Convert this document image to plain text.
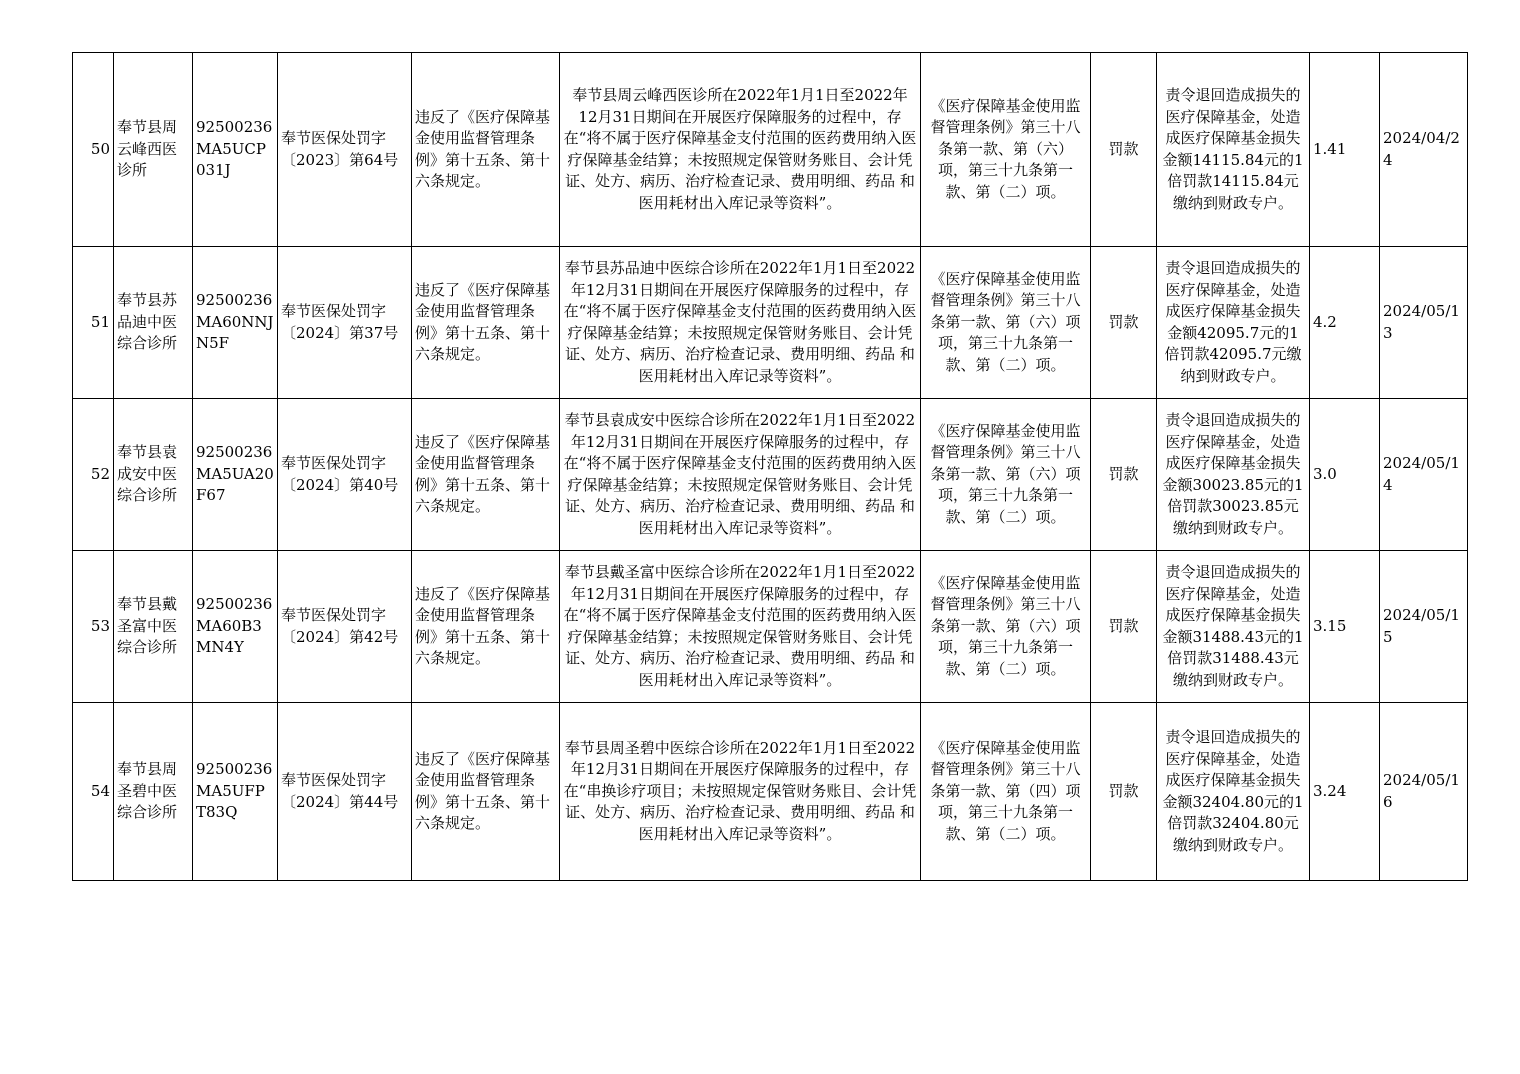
50	奉节县周云峰西医诊所	92500236MA5UCP031J	奉节医保处罚字〔2023〕第64号	违反了《医疗保障基金使用监督管理条例》第十五条、第十六条规定。	奉节县周云峰西医诊所在2022年1月1日至2022年12月31日期间在开展医疗保障服务的过程中，存在“将不属于医疗保障基金支付范围的医药费用纳入医疗保障基金结算；未按照规定保管财务账目、会计凭证、处方、病历、治疗检查记录、费用明细、药品 和医用耗材出入库记录等资料”。	《医疗保障基金使用监督管理条例》第三十八条第一款、第（六）项，第三十九条第一款、第（二）项。	罚款	责令退回造成损失的医疗保障基金，处造成医疗保障基金损失金额14115.84元的1倍罚款14115.84元缴纳到财政专户。	1.41	2024/04/24
51	奉节县苏品迪中医综合诊所	92500236MA60NNJN5F	奉节医保处罚字〔2024〕第37号	违反了《医疗保障基金使用监督管理条例》第十五条、第十六条规定。	奉节县苏品迪中医综合诊所在2022年1月1日至2022年12月31日期间在开展医疗保障服务的过程中，存在“将不属于医疗保障基金支付范围的医药费用纳入医疗保障基金结算；未按照规定保管财务账目、会计凭证、处方、病历、治疗检查记录、费用明细、药品 和医用耗材出入库记录等资料”。	《医疗保障基金使用监督管理条例》第三十八条第一款、第（六）项项，第三十九条第一款、第（二）项。	罚款	责令退回造成损失的医疗保障基金，处造成医疗保障基金损失金额42095.7元的1倍罚款42095.7元缴纳到财政专户。	4.2	2024/05/13
52	奉节县袁成安中医综合诊所	92500236MA5UA20F67	奉节医保处罚字〔2024〕第40号	违反了《医疗保障基金使用监督管理条例》第十五条、第十六条规定。	奉节县袁成安中医综合诊所在2022年1月1日至2022年12月31日期间在开展医疗保障服务的过程中，存在“将不属于医疗保障基金支付范围的医药费用纳入医疗保障基金结算；未按照规定保管财务账目、会计凭证、处方、病历、治疗检查记录、费用明细、药品 和医用耗材出入库记录等资料”。	《医疗保障基金使用监督管理条例》第三十八条第一款、第（六）项项，第三十九条第一款、第（二）项。	罚款	责令退回造成损失的医疗保障基金，处造成医疗保障基金损失金额30023.85元的1倍罚款30023.85元缴纳到财政专户。	3.0	2024/05/14
53	奉节县戴圣富中医综合诊所	92500236MA60B3MN4Y	奉节医保处罚字〔2024〕第42号	违反了《医疗保障基金使用监督管理条例》第十五条、第十六条规定。	奉节县戴圣富中医综合诊所在2022年1月1日至2022年12月31日期间在开展医疗保障服务的过程中，存在“将不属于医疗保障基金支付范围的医药费用纳入医疗保障基金结算；未按照规定保管财务账目、会计凭证、处方、病历、治疗检查记录、费用明细、药品 和医用耗材出入库记录等资料”。	《医疗保障基金使用监督管理条例》第三十八条第一款、第（六）项项，第三十九条第一款、第（二）项。	罚款	责令退回造成损失的医疗保障基金，处造成医疗保障基金损失金额31488.43元的1倍罚款31488.43元缴纳到财政专户。	3.15	2024/05/15
54	奉节县周圣碧中医综合诊所	92500236MA5UFPT83Q	奉节医保处罚字〔2024〕第44号	违反了《医疗保障基金使用监督管理条例》第十五条、第十六条规定。	奉节县周圣碧中医综合诊所在2022年1月1日至2022年12月31日期间在开展医疗保障服务的过程中，存在“串换诊疗项目；未按照规定保管财务账目、会计凭证、处方、病历、治疗检查记录、费用明细、药品 和医用耗材出入库记录等资料”。	《医疗保障基金使用监督管理条例》第三十八条第一款、第（四）项项，第三十九条第一款、第（二）项。	罚款	责令退回造成损失的医疗保障基金，处造成医疗保障基金损失金额32404.80元的1倍罚款32404.80元缴纳到财政专户。	3.24	2024/05/16
